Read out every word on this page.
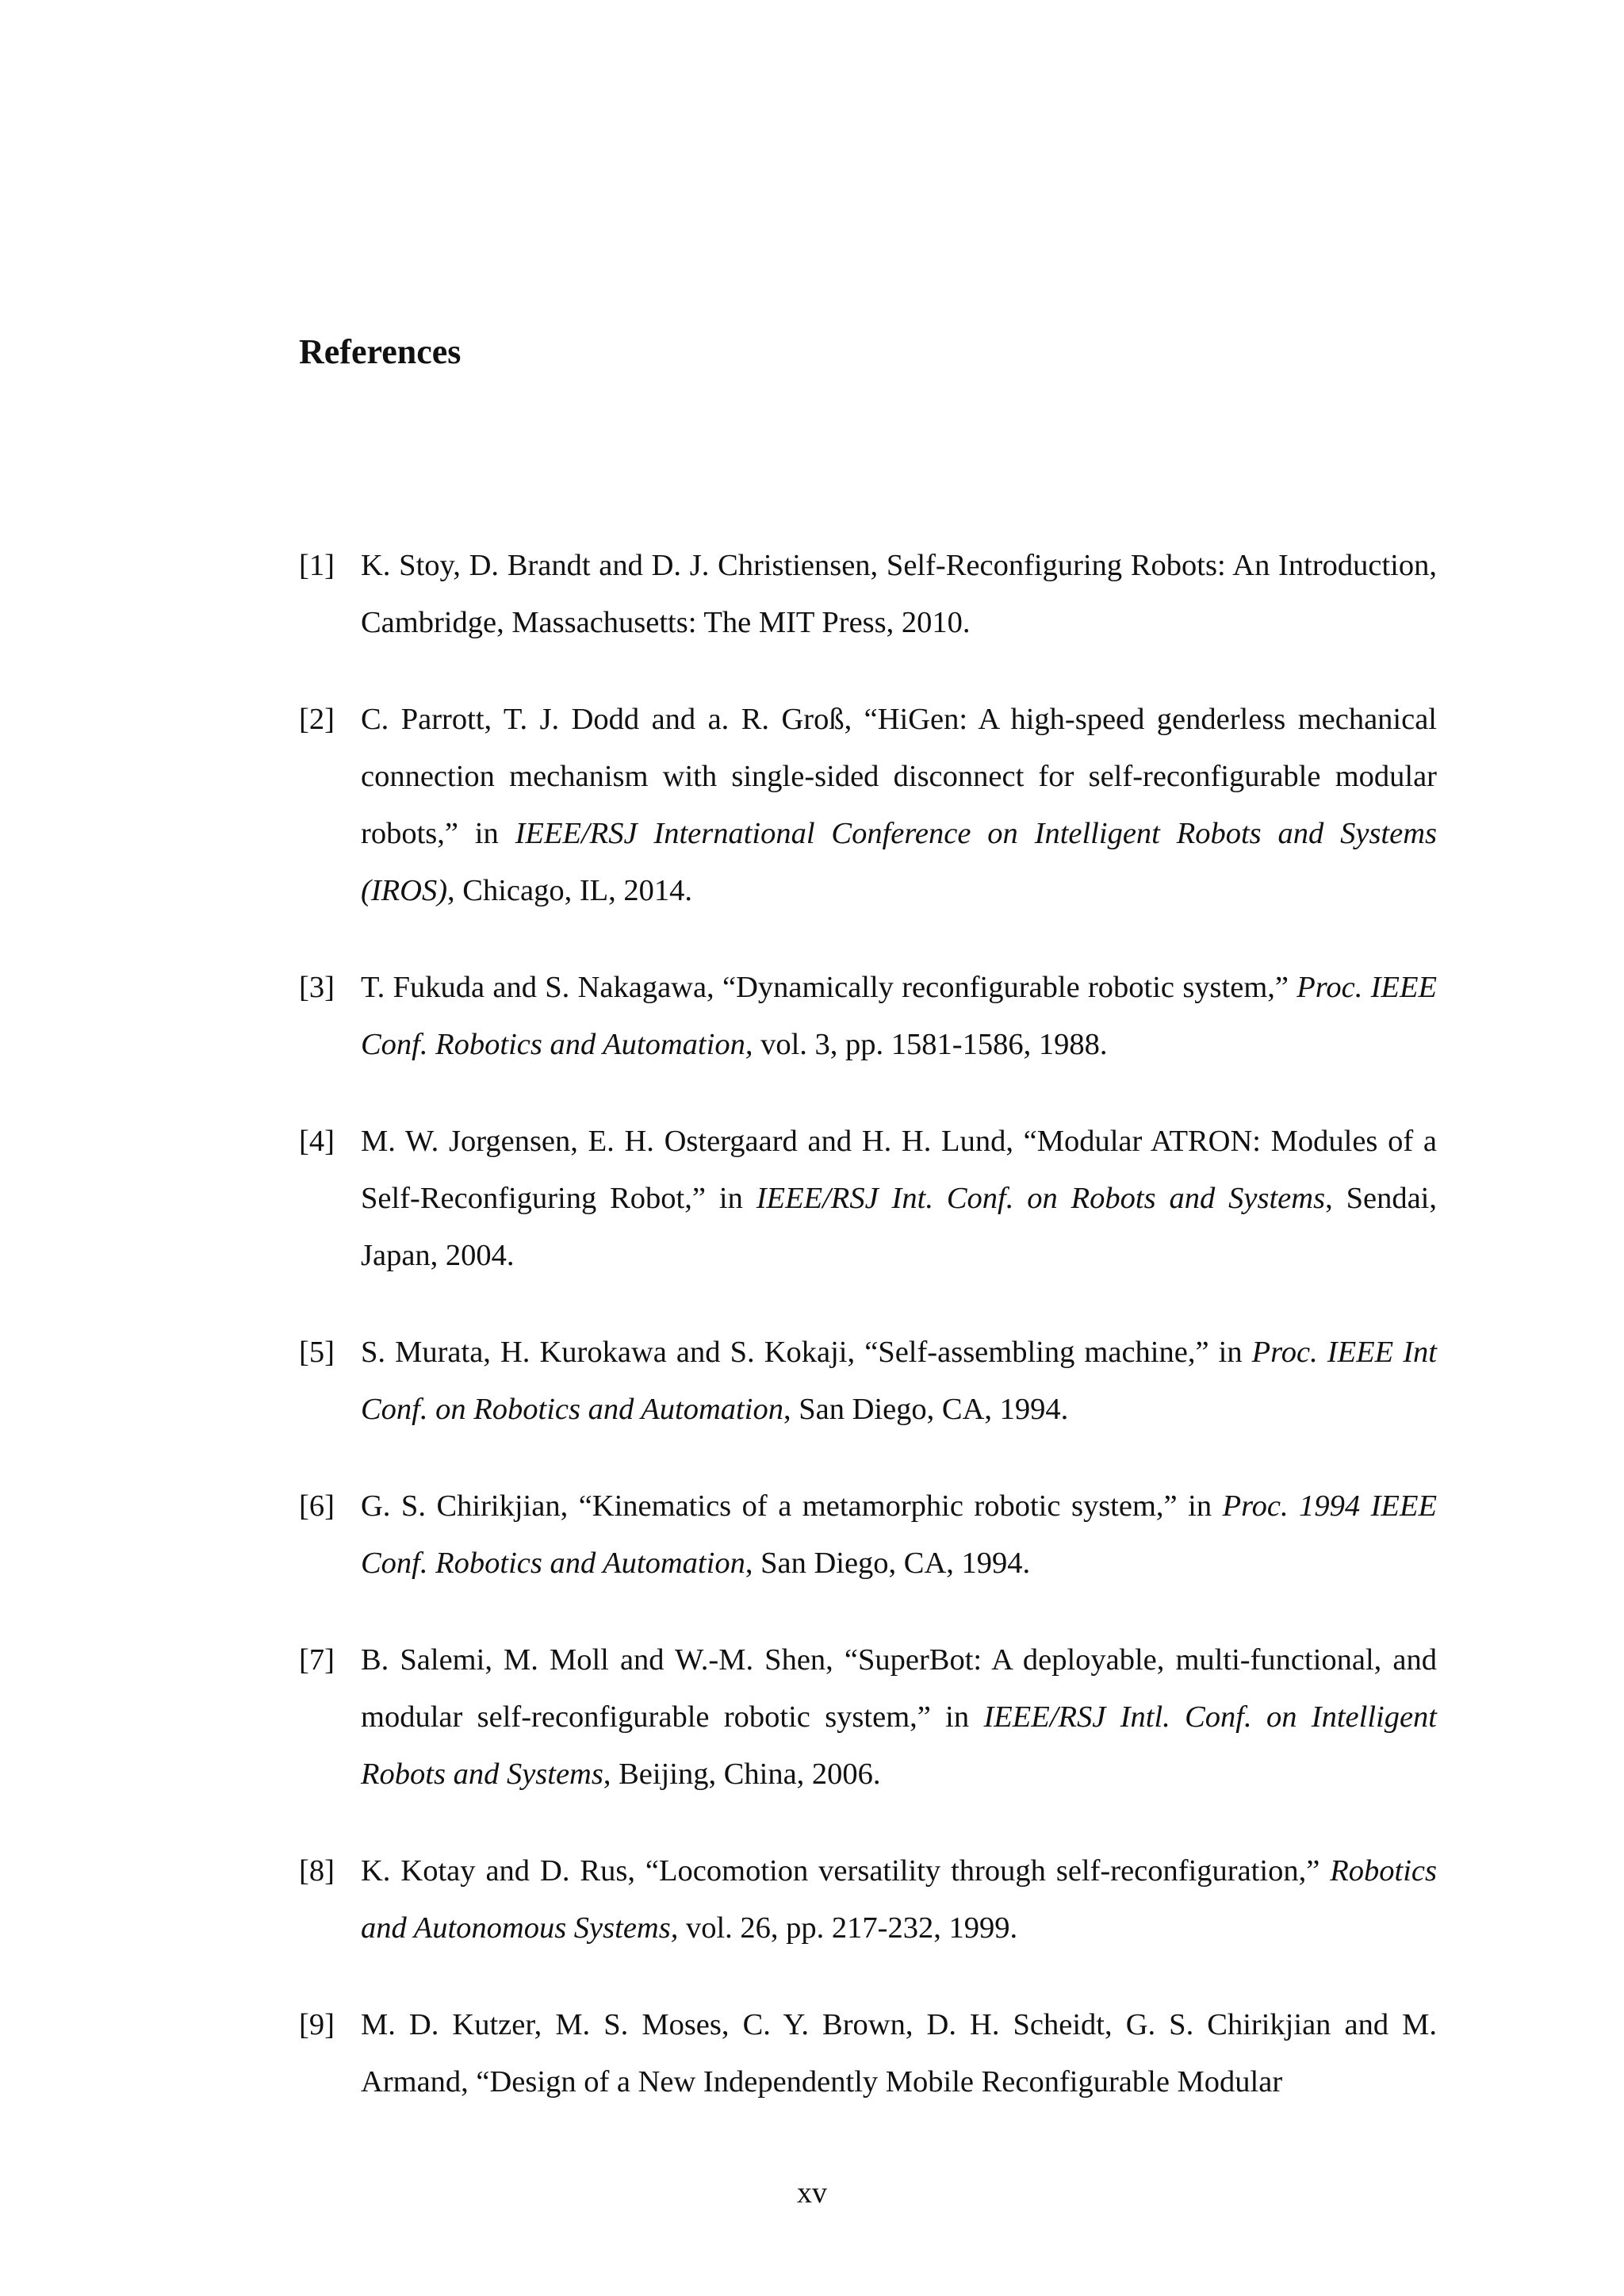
References

[1] K. Stoy, D. Brandt and D. J. Christiensen, Self-Reconfiguring Robots: An Introduction, Cambridge, Massachusetts: The MIT Press, 2010.

[2] C. Parrott, T. J. Dodd and a. R. Groß, “HiGen: A high-speed genderless mechanical connection mechanism with single-sided disconnect for self-reconfigurable modular robots,” in IEEE/RSJ International Conference on Intelligent Robots and Systems (IROS), Chicago, IL, 2014.

[3] T. Fukuda and S. Nakagawa, “Dynamically reconfigurable robotic system,” Proc. IEEE Conf. Robotics and Automation, vol. 3, pp. 1581-1586, 1988.

[4] M. W. Jorgensen, E. H. Ostergaard and H. H. Lund, “Modular ATRON: Modules of a Self-Reconfiguring Robot,” in IEEE/RSJ Int. Conf. on Robots and Systems, Sendai, Japan, 2004.

[5] S. Murata, H. Kurokawa and S. Kokaji, “Self-assembling machine,” in Proc. IEEE Int Conf. on Robotics and Automation, San Diego, CA, 1994.

[6] G. S. Chirikjian, “Kinematics of a metamorphic robotic system,” in Proc. 1994 IEEE Conf. Robotics and Automation, San Diego, CA, 1994.

[7] B. Salemi, M. Moll and W.-M. Shen, “SuperBot: A deployable, multi-functional, and modular self-reconfigurable robotic system,” in IEEE/RSJ Intl. Conf. on Intelligent Robots and Systems, Beijing, China, 2006.

[8] K. Kotay and D. Rus, “Locomotion versatility through self-reconfiguration,” Robotics and Autonomous Systems, vol. 26, pp. 217-232, 1999.

[9] M. D. Kutzer, M. S. Moses, C. Y. Brown, D. H. Scheidt, G. S. Chirikjian and M. Armand, “Design of a New Independently Mobile Reconfigurable Modular

xv
